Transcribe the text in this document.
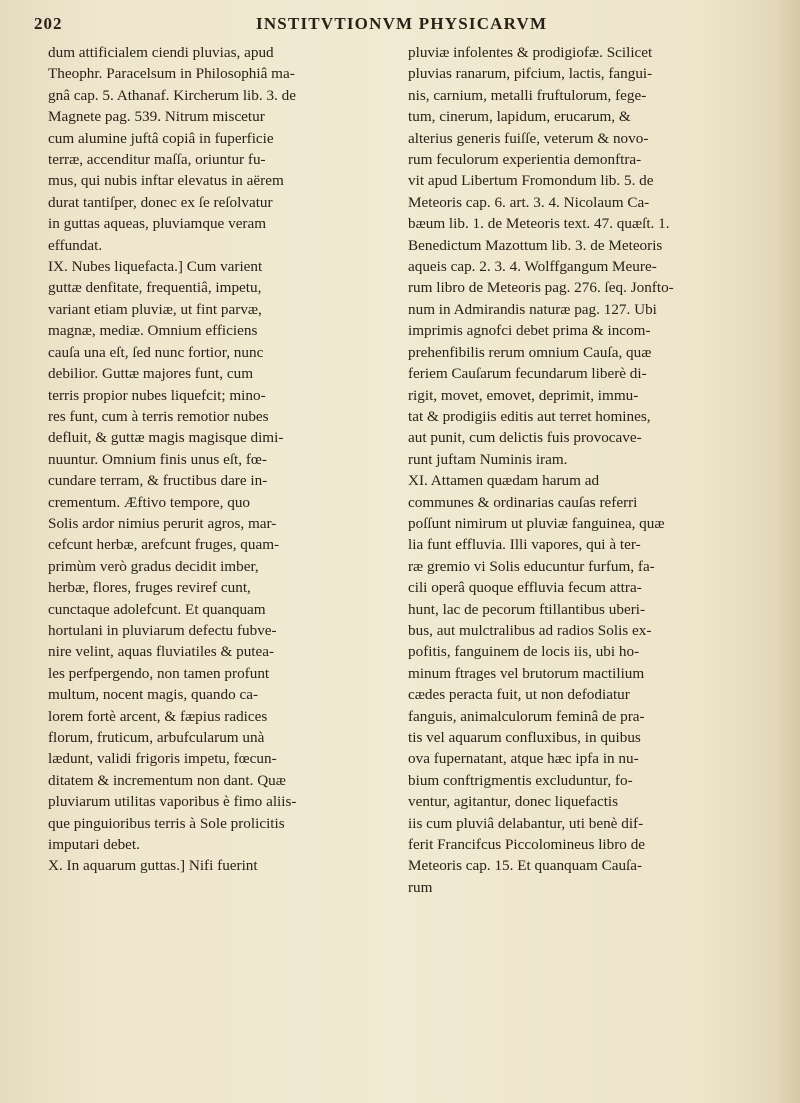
202	INSTITVTIONVM PHYSICARVM
dum attificialem ciendi pluvias, apud
Theophr. Paracelsum in Philosophiâ ma-
gnâ cap. 5. Athanaf. Kircherum lib. 3. de
Magnete pag. 539. Nitrum miscetur
cum alumine juftâ copiâ in fuperficie
terræ, accenditur maſſa, oriuntur fu-
mus, qui nubis inftar elevatus in aërem
durat tantiſper, donec ex ſe reſolvatur
in guttas aqueas, pluviamque veram
effundat.
IX. Nubes liquefacta.] Cum varient
guttæ denfitate, frequentiâ, impetu,
variant etiam pluviæ, ut fint parvæ,
magnæ, mediæ. Omnium efficiens
cauſa una eſt, ſed nunc fortior, nunc
debilior. Guttæ majores funt, cum
terris propior nubes liquefcit; mino-
res funt, cum à terris remotior nubes
defluit, & guttæ magis magisque dimi-
nuuntur. Omnium finis unus eſt, fœ-
cundare terram, & fructibus dare in-
crementum. Æftivo tempore, quo
Solis ardor nimius perurit agros, mar-
cefcunt herbæ, arefcunt fruges, quam-
primùm verò gradus decidit imber,
herbæ, flores, fruges reviref cunt,
cunctaque adolefcunt. Et quanquam
hortulani in pluviarum defectu fubve-
nire velint, aquas fluviatiles & putea-
les perfpergendo, non tamen profunt
multum, nocent magis, quando ca-
lorem fortè arcent, & fæpius radices
florum, fruticum, arbufcularum unà
lædunt, validi frigoris impetu, fœcun-
ditatem & incrementum non dant. Quæ
pluviarum utilitas vaporibus è fimo aliis-
que pinguioribus terris à Sole prolicitis
imputari debet.
X. In aquarum guttas.] Nifi fuerint
pluviæ infolentes & prodigiofæ. Scilicet
pluvias ranarum, pifcium, lactis, fangui-
nis, carnium, metalli fruftulorum, fege-
tum, cinerum, lapidum, erucarum, &
alterius generis fuiſſe, veterum & novo-
rum feculorum experientia demonftra-
vit apud Libertum Fromondum lib. 5. de
Meteoris cap. 6. art. 3. 4. Nicolaum Ca-
bæum lib. 1. de Meteoris text. 47. quæſt. 1.
Benedictum Mazottum lib. 3. de Meteoris
aqueis cap. 2. 3. 4. Wolffgangum Meure-
rum libro de Meteoris pag. 276. ſeq. Jonfto-
num in Admirandis naturæ pag. 127. Ubi
imprimis agnofci debet prima & incom-
prehenfibilis rerum omnium Cauſa, quæ
feriem Cauſarum fecundarum liberè di-
rigit, movet, emovet, deprimit, immu-
tat & prodigiis editis aut terret homines,
aut punit, cum delictis fuis provocave-
runt juftam Numinis iram.
XI. Attamen quædam harum ad
communes & ordinarias cauſas referri
poſſunt nimirum ut pluviæ fanguinea, quæ
lia funt effluvia. Illi vapores, qui à ter-
ræ gremio vi Solis educuntur furfum, fa-
cili operâ quoque effluvia fecum attra-
hunt, lac de pecorum ftillantibus uberi-
bus, aut mulctralibus ad radios Solis ex-
pofitis, fanguinem de locis iis, ubi ho-
minum ftrages vel brutorum mactilium
cædes peracta fuit, ut non defodiatur
fanguis, animalculorum feminâ de pra-
tis vel aquarum confluxibus, in quibus
ova fupernatant, atque hæc ipfa in nu-
bium conftrigmentis excluduntur, fo-
ventur, agitantur, donec liquefactis
iis cum pluviâ delabantur, uti benè dif-
ferit Francifcus Piccolomineus libro de
Meteoris cap. 15. Et quanquam Cauſa-
rum
